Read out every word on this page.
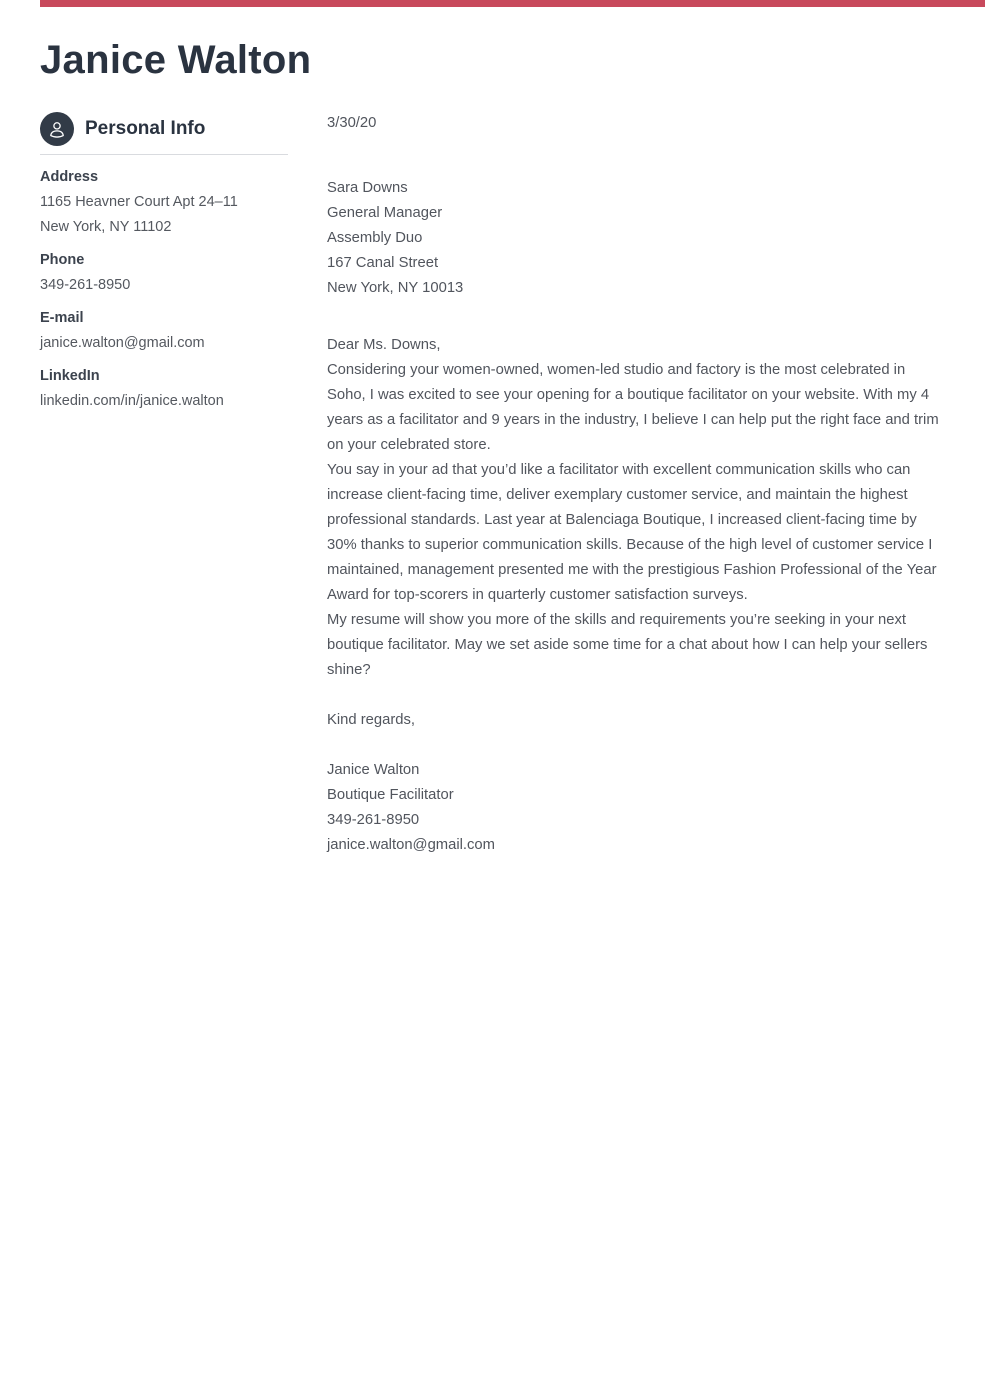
Janice Walton
Personal Info
Address
1165 Heavner Court Apt 24–11
New York, NY 11102
Phone
349-261-8950
E-mail
janice.walton@gmail.com
LinkedIn
linkedin.com/in/janice.walton
3/30/20
Sara Downs
General Manager
Assembly Duo
167 Canal Street
New York, NY 10013
Dear Ms. Downs,

Considering your women-owned, women-led studio and factory is the most celebrated in Soho, I was excited to see your opening for a boutique facilitator on your website. With my 4 years as a facilitator and 9 years in the industry, I believe I can help put the right face and trim on your celebrated store.

You say in your ad that you’d like a facilitator with excellent communication skills who can increase client-facing time, deliver exemplary customer service, and maintain the highest professional standards. Last year at Balenciaga Boutique, I increased client-facing time by 30% thanks to superior communication skills. Because of the high level of customer service I maintained, management presented me with the prestigious Fashion Professional of the Year Award for top-scorers in quarterly customer satisfaction surveys.

My resume will show you more of the skills and requirements you’re seeking in your next boutique facilitator. May we set aside some time for a chat about how I can help your sellers shine?

Kind regards,
Janice Walton
Boutique Facilitator
349-261-8950
janice.walton@gmail.com
